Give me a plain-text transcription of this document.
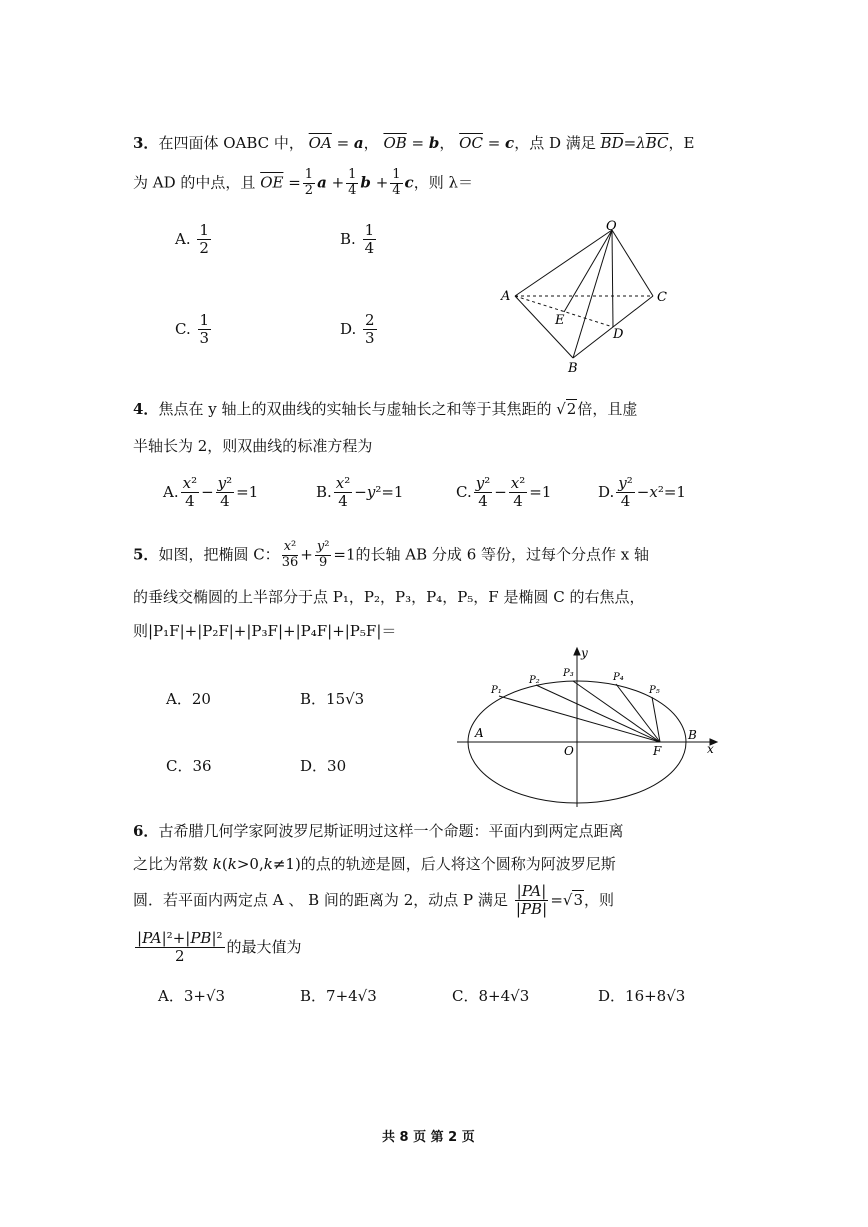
3．在四面体 OABC 中， $\overline{OA} = a$， $\overline{OB} = b$， $\overline{OC} = c$，点 D 满足 $\overline{BD}=\lambda\overline{BC}$，E
为 AD 的中点，且 $\overline{OE} = \frac{1}{2}$ $a + \frac{1}{4}$ $b + \frac{1}{4}$ c，则 λ＝
A. $\frac{1}{2}$	B. $\frac{1}{4}$
C. $\frac{1}{3}$	D. $\frac{2}{3}$
O
A	C
E
D
B
4．焦点在 y 轴上的双曲线的实轴长与虚轴长之和等于其焦距的 √2倍，且虚
半轴长为 2，则双曲线的标准方程为
A. $\frac{\text{x²}}{4} - \frac{\text{y²}}{4} =1$	B. $\frac{\text{x²}}{4} -y^2=1$	C. $\frac{\text{y²}}{4} - \frac{\text{x²}}{4} =1$	D. $\frac{\text{y²}}{4} -x^2=1$
5．如图，把椭圆 C： $\frac{\text{x²}}{36} + \frac{\text{y²}}{9} =1$的长轴 AB 分成 6 等份，过每个分点作 x 轴
的垂线交椭圆的上半部分于点 P₁，P₂，P₃，P₄，P₅，F 是椭圆 C 的右焦点，
则|P₁F|+|P₂F|+|P₃F|+|P₄F|+|P₅F|＝
A．20	B．15√3
C．36	D．30
P₁
P₂
P₃	P₄
P₅
y
A	B
O	F	x
6．古希腊几何学家阿波罗尼斯证明过这样一个命题：平面内到两定点距离
之比为常数 k(k>0,k≠1)的点的轨迹是圆，后人将这个圆称为阿波罗尼斯
圆．若平面内两定点 A 、 B 间的距离为 2，动点 P 满足 $\frac{|PA|}{|PB|} =√3$，则
$\frac{\text{|PA|²+|PB|²}}{2}$ 的最大值为
A．3+√3	B．7+4√3	C．8+4√3	D．16+8√3
共 8 页 第 2 页
